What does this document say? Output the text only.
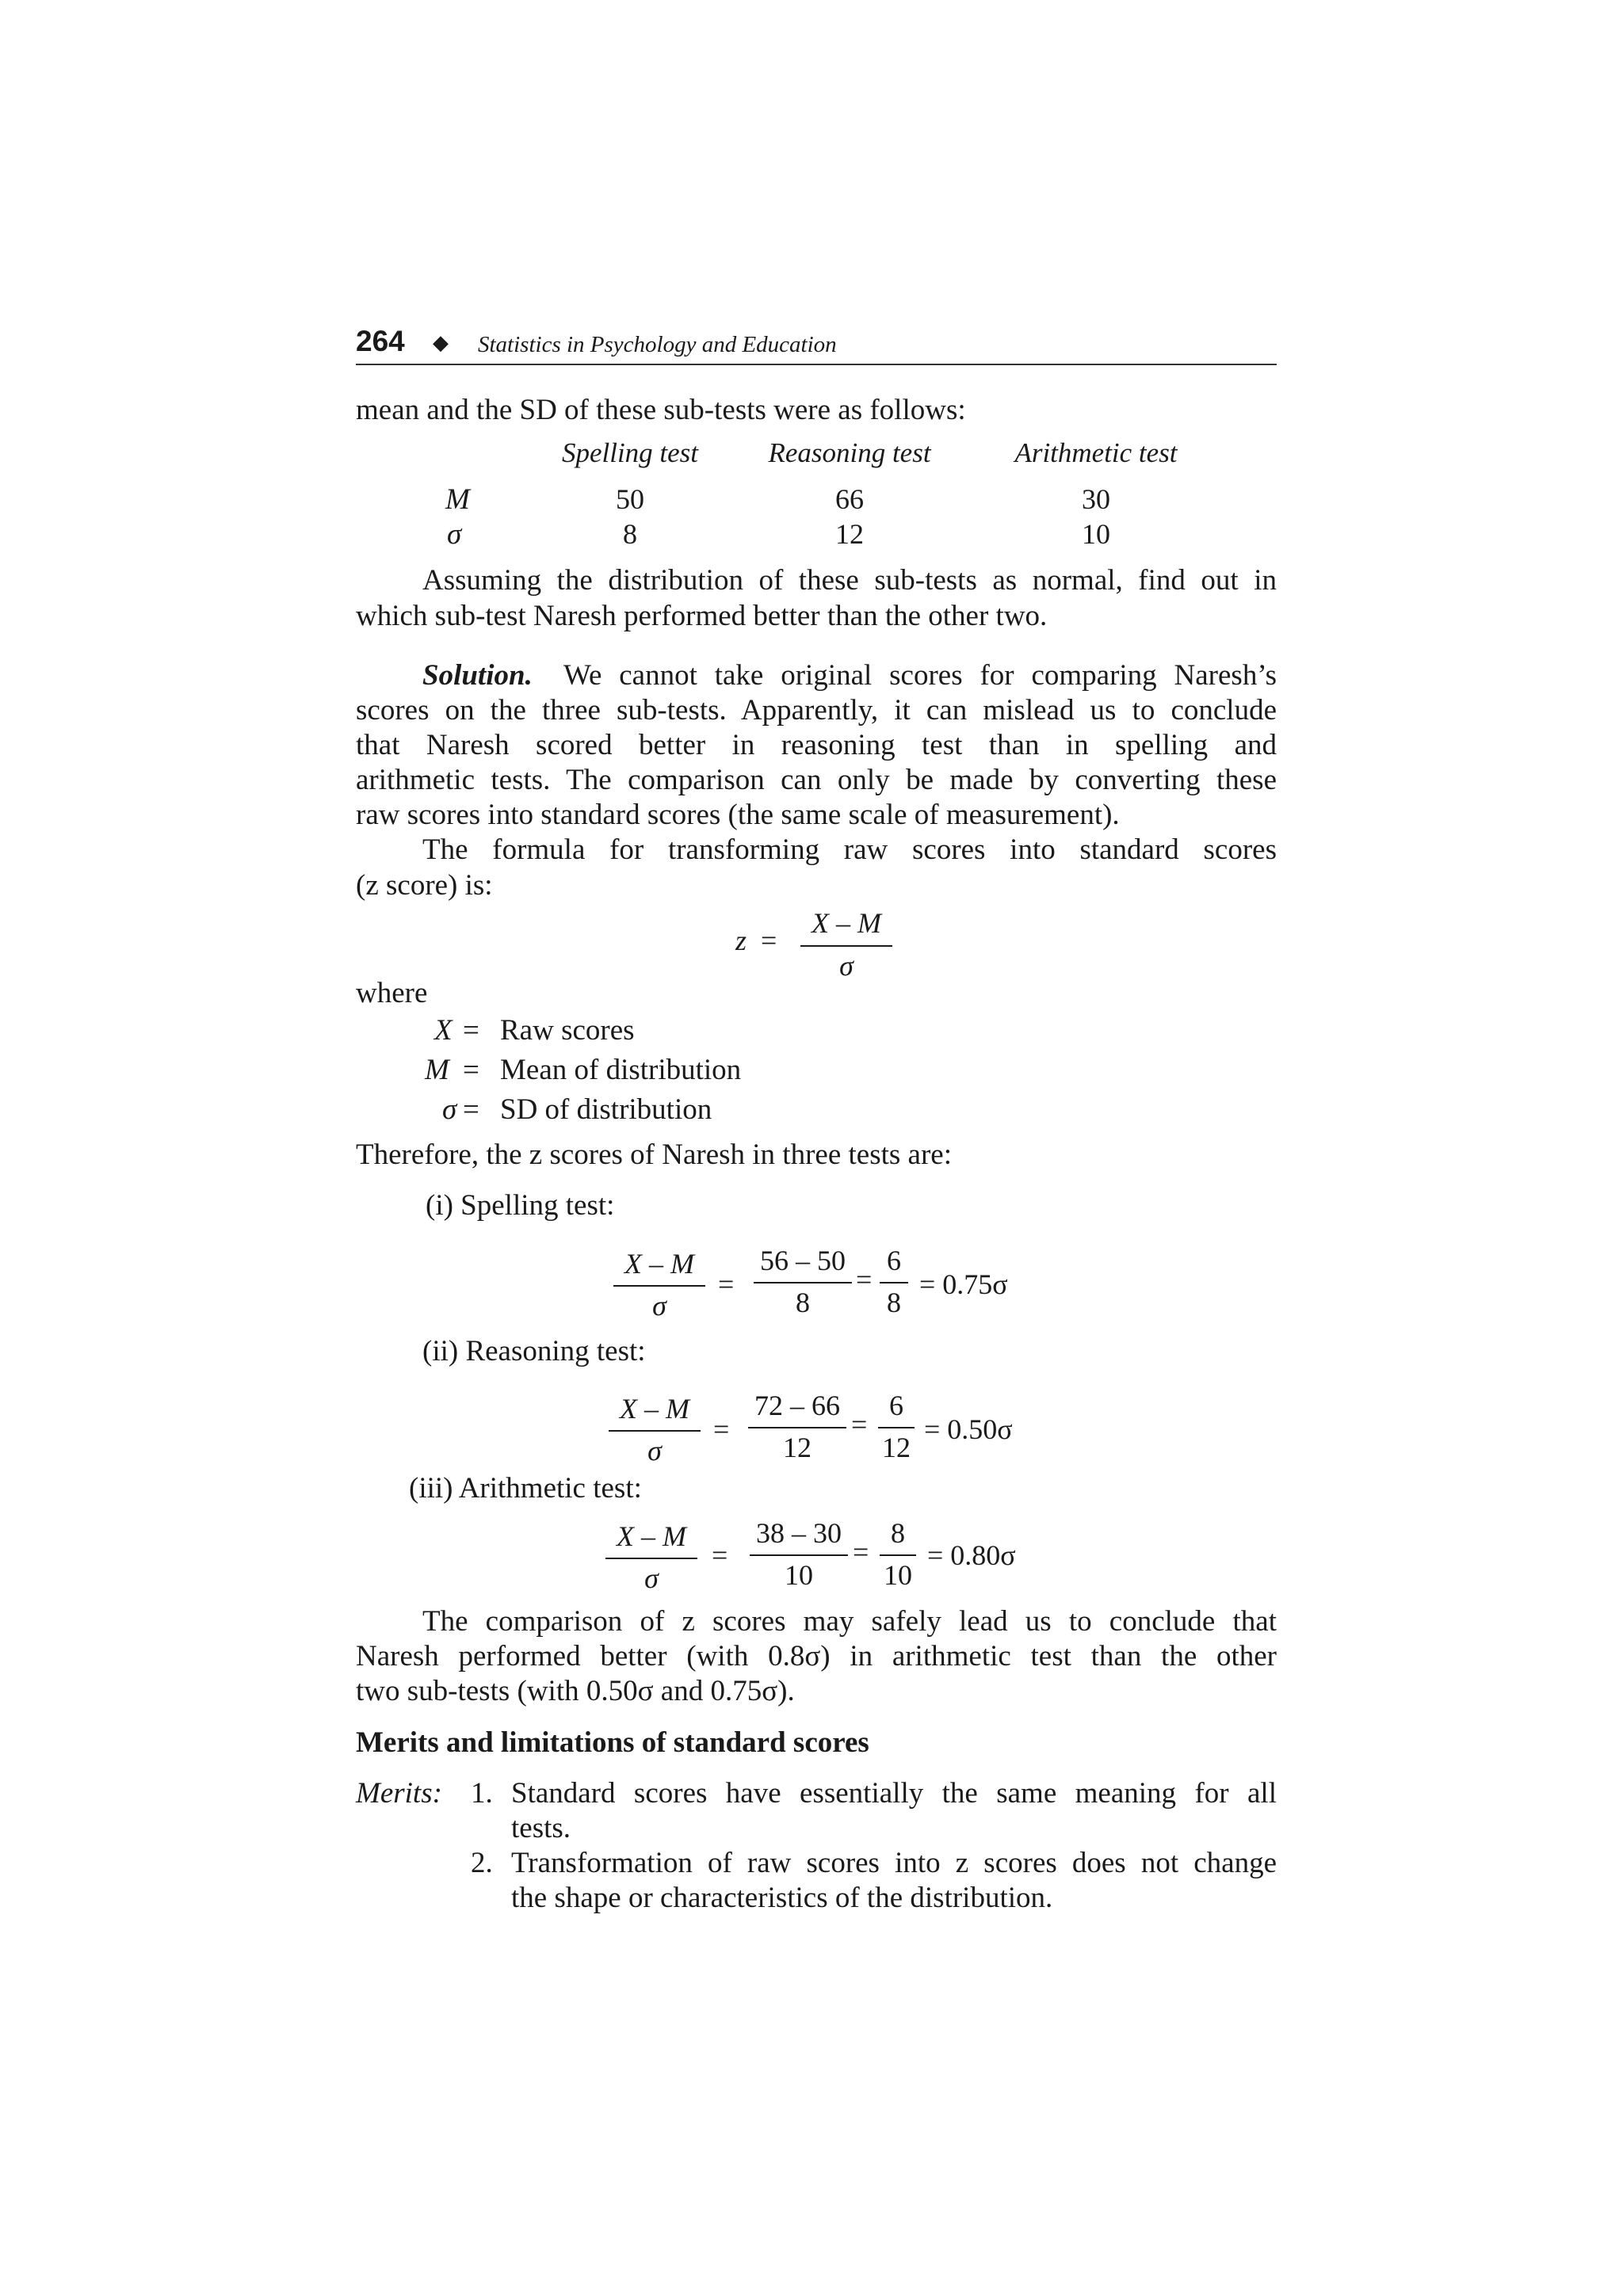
264 ◆ Statistics in Psychology and Education
mean and the SD of these sub-tests were as follows:
Spelling test	Reasoning test	Arithmetic test
M	50	66	30
σ	8	12	10
Assuming the distribution of these sub-tests as normal, find out in
which sub-test Naresh performed better than the other two.
Solution. We cannot take original scores for comparing Naresh’s
scores on the three sub-tests. Apparently, it can mislead us to conclude
that Naresh scored better in reasoning test than in spelling and
arithmetic tests. The comparison can only be made by converting these
raw scores into standard scores (the same scale of measurement).
The formula for transforming raw scores into standard scores
(z score) is:
z =
X – M
σ
where
X = Raw scores
M = Mean of distribution
σ = SD of distribution
Therefore, the z scores of Naresh in three tests are:
(i) Spelling test:
X – M
σ
=
56 – 50
8
=
6
8
= 0.75σ
(ii) Reasoning test:
X – M
σ
=
72 – 66
12
=
6
12
= 0.50σ
(iii) Arithmetic test:
X – M
σ
=
38 – 30
10
=
8
10
= 0.80σ
The comparison of z scores may safely lead us to conclude that
Naresh performed better (with 0.8σ) in arithmetic test than the other
two sub-tests (with 0.50σ and 0.75σ).
Merits and limitations of standard scores
Merits: 1. Standard scores have essentially the same meaning for all
tests.
2. Transformation of raw scores into z scores does not change
the shape or characteristics of the distribution.
